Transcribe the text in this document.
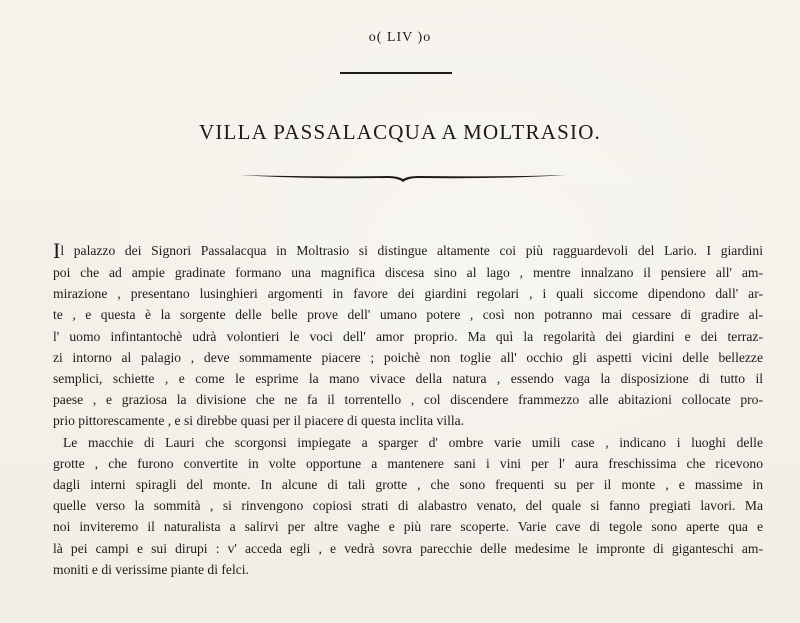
o( LIV )o
VILLA PASSALACQUA A MOLTRASIO.
Il palazzo dei Signori Passalacqua in Moltrasio si distingue altamente coi più ragguardevoli del Lario. I giardini
poi che ad ampie gradinate formano una magnifica discesa sino al lago , mentre innalzano il pensiere all' am-
mirazione , presentano lusinghieri argomenti in favore dei giardini regolari , i quali siccome dipendono dall' ar-
te , e questa è la sorgente delle belle prove dell' umano potere , così non potranno mai cessare di gradire al-
l' uomo infintantochè udrà volontieri le voci dell' amor proprio. Ma quì la regolarità dei giardini e dei terraz-
zi intorno al palagio , deve sommamente piacere ; poichè non toglie all' occhio gli aspetti vicini delle bellezze
semplici, schiette , e come le esprime la mano vivace della natura , essendo vaga la disposizione di tutto il
paese , e graziosa la divisione che ne fa il torrentello , col discendere frammezzo alle abitazioni collocate pro-
prio pittorescamente , e si direbbe quasi per il piacere di questa inclita villa.
Le macchie di Lauri che scorgonsi impiegate a sparger d' ombre varie umili case , indicano i luoghi delle
grotte , che furono convertite in volte opportune a mantenere sani i vini per l' aura freschissima che ricevono
dagli interni spiragli del monte. In alcune di tali grotte , che sono frequenti su per il monte , e massime in
quelle verso la sommità , si rinvengono copiosi strati di alabastro venato, del quale si fanno pregiati lavori. Ma
noi inviteremo il naturalista a salirvi per altre vaghe e più rare scoperte. Varie cave di tegole sono aperte qua e
là pei campi e sui dirupi : v' acceda egli , e vedrà sovra parecchie delle medesime le impronte di giganteschi am-
moniti e di verissime piante di felci.
